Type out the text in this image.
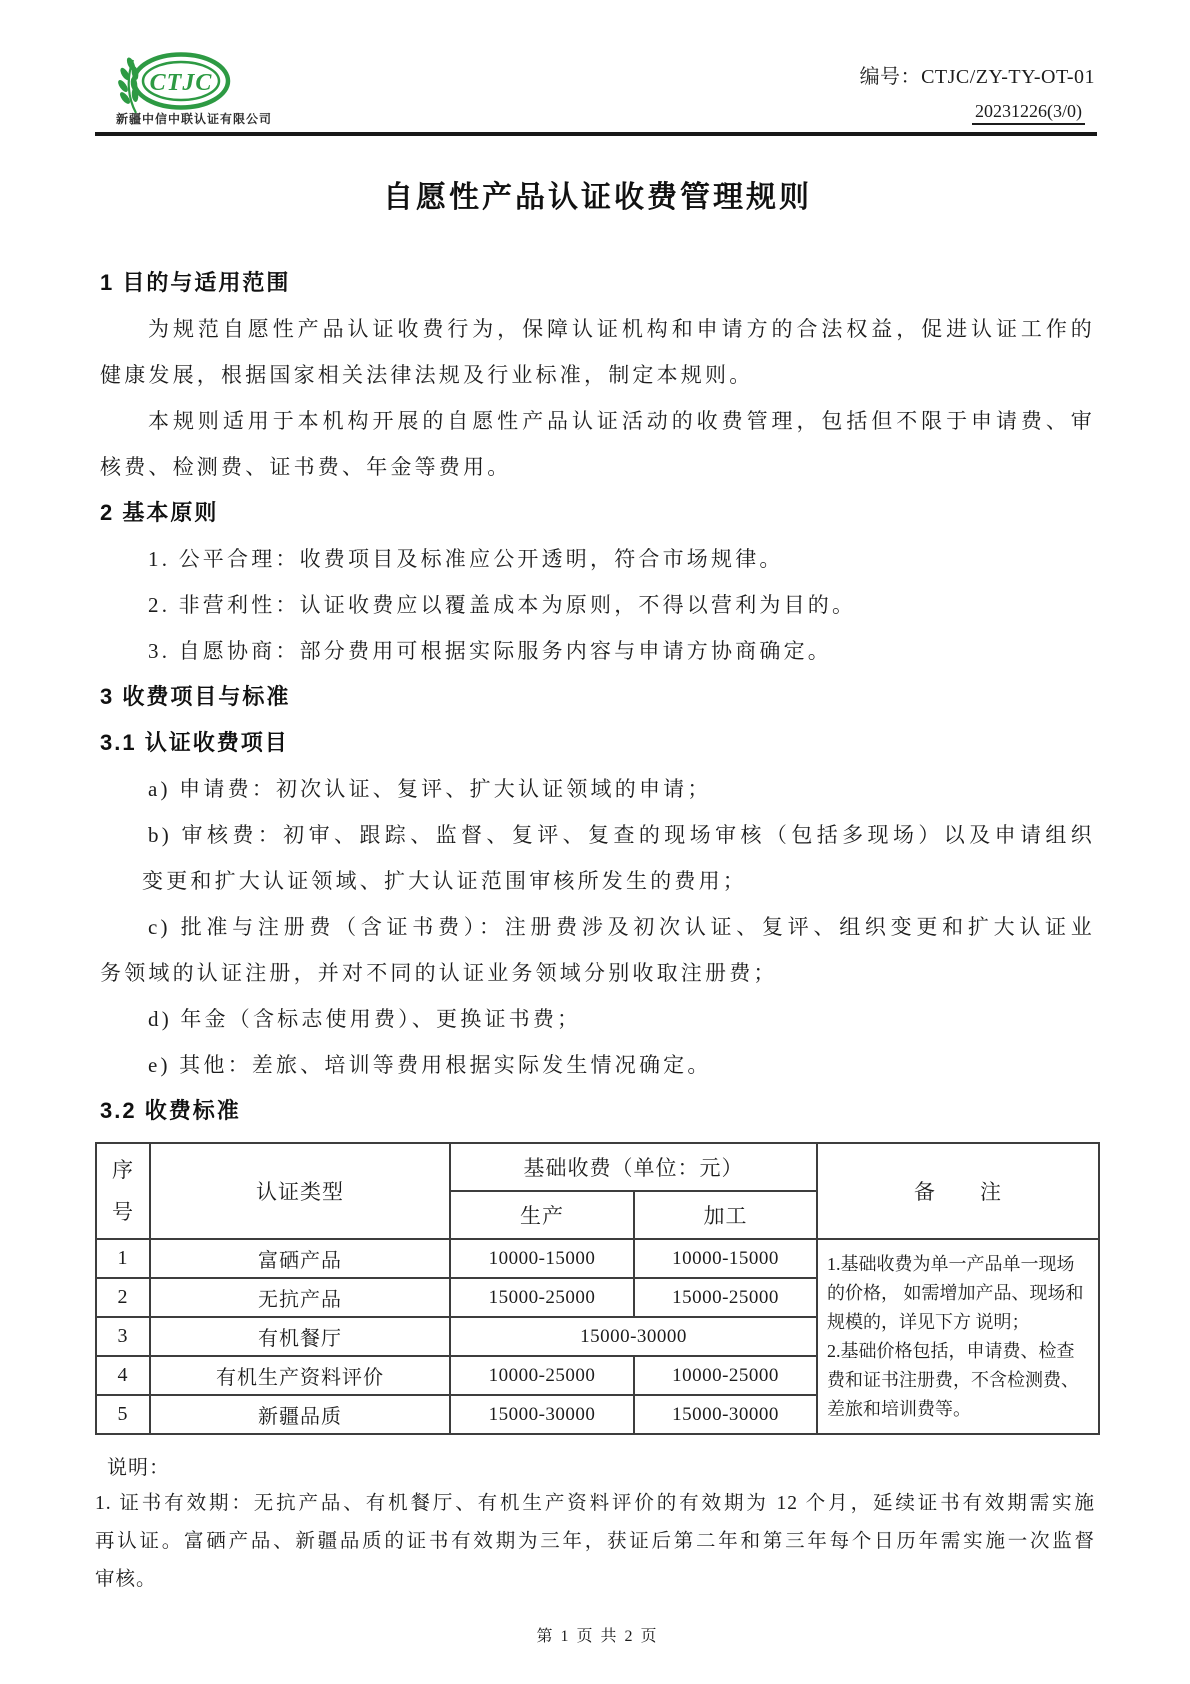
CTJC
新疆中信中联认证有限公司
编号：CTJC/ZY-TY-OT-01
20231226(3/0)
自愿性产品认证收费管理规则
1 目的与适用范围
为规范自愿性产品认证收费行为，保障认证机构和申请方的合法权益，促进认证工作的
健康发展，根据国家相关法律法规及行业标准，制定本规则。
本规则适用于本机构开展的自愿性产品认证活动的收费管理，包括但不限于申请费、审
核费、检测费、证书费、年金等费用。
2 基本原则
1. 公平合理：收费项目及标准应公开透明，符合市场规律。
2. 非营利性：认证收费应以覆盖成本为原则，不得以营利为目的。
3. 自愿协商：部分费用可根据实际服务内容与申请方协商确定。
3 收费项目与标准
3.1 认证收费项目
a) 申请费：初次认证、复评、扩大认证领域的申请；
b) 审核费：初审、跟踪、监督、复评、复查的现场审核（包括多现场）以及申请组织
变更和扩大认证领域、扩大认证范围审核所发生的费用；
c) 批准与注册费（含证书费）：注册费涉及初次认证、复评、组织变更和扩大认证业
务领域的认证注册，并对不同的认证业务领域分别收取注册费；
d) 年金（含标志使用费）、更换证书费；
e) 其他：差旅、培训等费用根据实际发生情况确定。
3.2 收费标准
序号	认证类型	基础收费（单位：元）		备　　注
		生产	加工	
1	富硒产品	10000-15000	10000-15000	1.基础收费为单一产品单一现场的价格， 如需增加产品、现场和规模的，详见下方 说明；
2.基础价格包括，申请费、检查费和证书注册费，不含检测费、差旅和培训费等。

2	无抗产品	15000-25000	15000-25000	
3	有机餐厅	15000-30000		
4	有机生产资料评价	10000-25000	10000-25000	
5	新疆品质	15000-30000	15000-30000	
说明：
1. 证书有效期：无抗产品、有机餐厅、有机生产资料评价的有效期为 12 个月，延续证书有效期需实施
再认证。富硒产品、新疆品质的证书有效期为三年，获证后第二年和第三年每个日历年需实施一次监督
审核。
第 1 页 共 2 页
